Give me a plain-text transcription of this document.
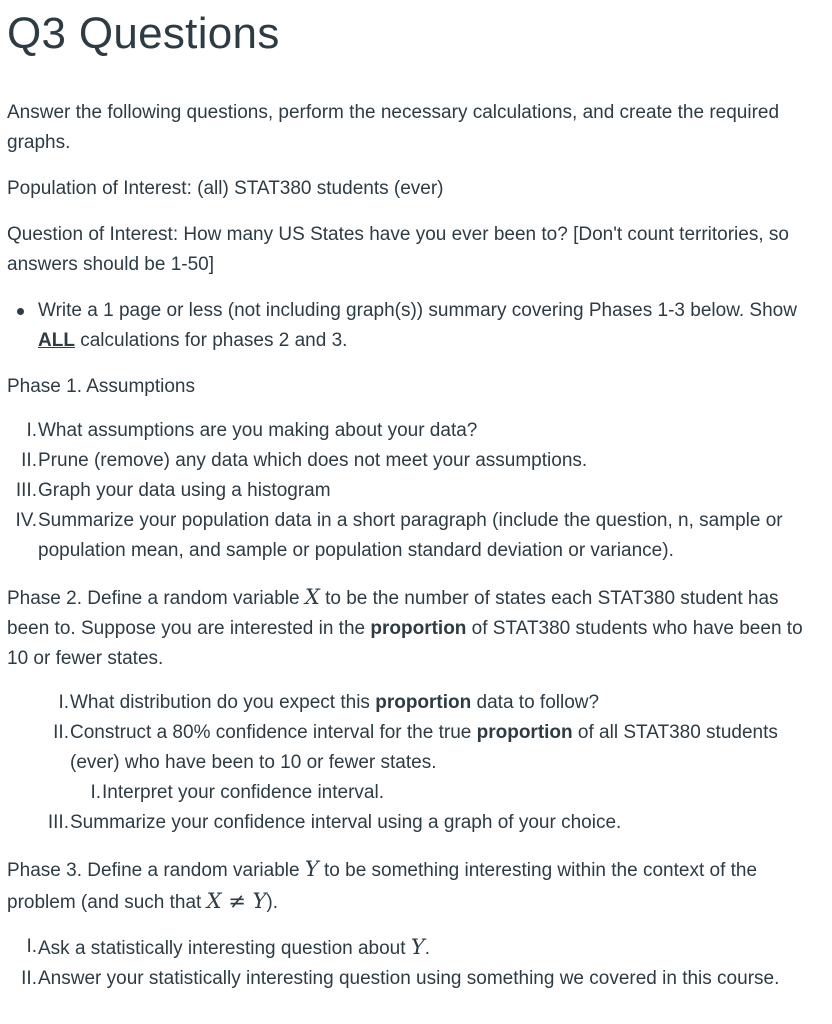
Q3 Questions

Answer the following questions, perform the necessary calculations, and create the required graphs.

Population of Interest: (all) STAT380 students (ever)

Question of Interest: How many US States have you ever been to? [Don't count territories, so answers should be 1-50]

Write a 1 page or less (not including graph(s)) summary covering Phases 1-3 below. Show ALL calculations for phases 2 and 3.

Phase 1. Assumptions

I. What assumptions are you making about your data?
II. Prune (remove) any data which does not meet your assumptions.
III. Graph your data using a histogram
IV. Summarize your population data in a short paragraph (include the question, n, sample or population mean, and sample or population standard deviation or variance).

Phase 2. Define a random variable X to be the number of states each STAT380 student has been to. Suppose you are interested in the proportion of STAT380 students who have been to 10 or fewer states.

I. What distribution do you expect this proportion data to follow?
II. Construct a 80% confidence interval for the true proportion of all STAT380 students (ever) who have been to 10 or fewer states.
I. Interpret your confidence interval.
III. Summarize your confidence interval using a graph of your choice.

Phase 3. Define a random variable Y to be something interesting within the context of the problem (and such that X ≠ Y).

I. Ask a statistically interesting question about Y.
II. Answer your statistically interesting question using something we covered in this course.
